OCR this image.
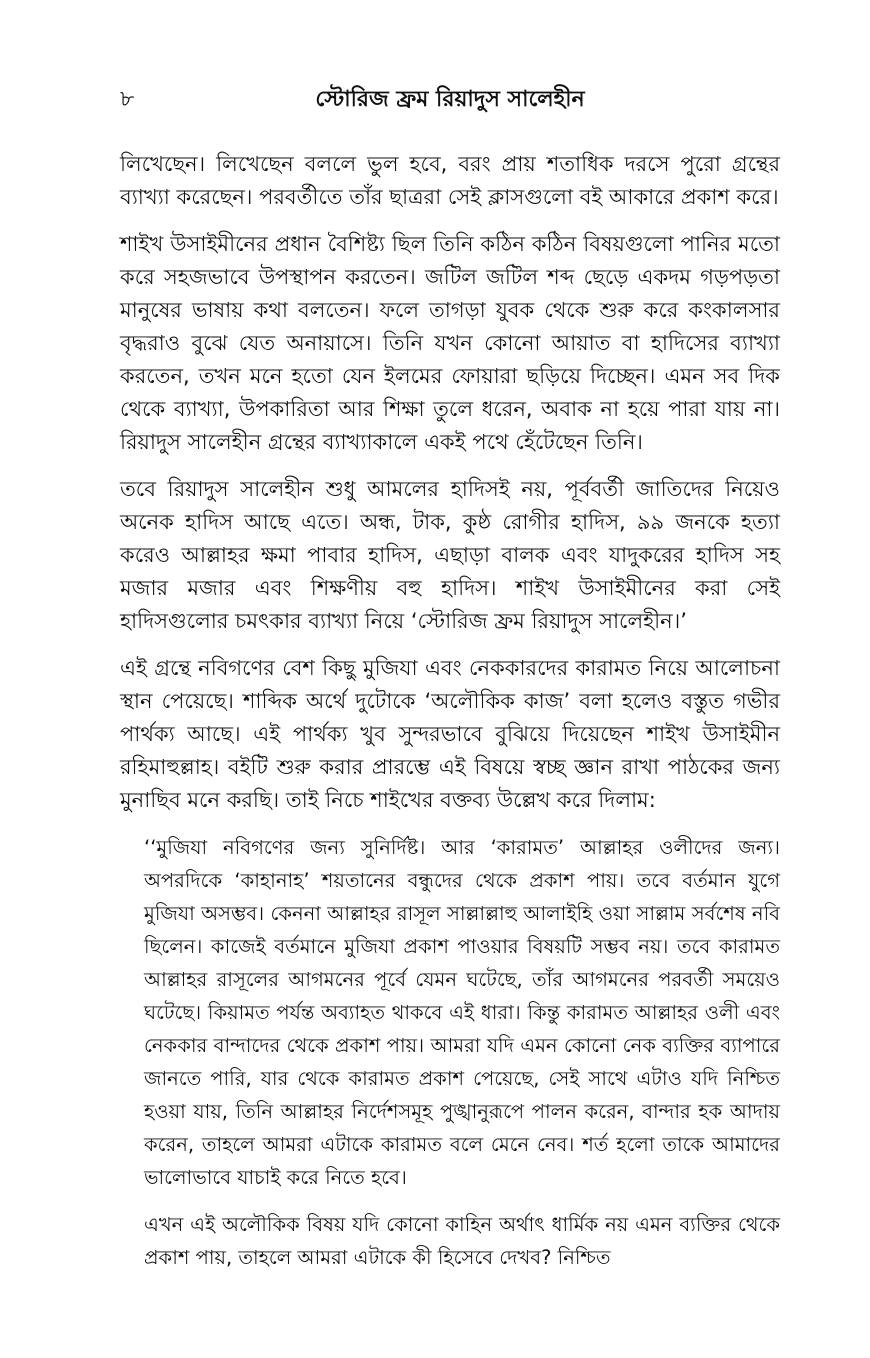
৮	স্টোরিজ ফ্রম রিয়াদুস সালেহীন

লিখেছেন। লিখেছেন বললে ভুল হবে, বরং প্রায় শতাধিক দরসে পুরো গ্রন্থের ব্যাখ্যা করেছেন। পরবর্তীতে তাঁর ছাত্ররা সেই ক্লাসগুলো বই আকারে প্রকাশ করে।

শাইখ উসাইমীনের প্রধান বৈশিষ্ট্য ছিল তিনি কঠিন কঠিন বিষয়গুলো পানির মতো করে সহজভাবে উপস্থাপন করতেন। জটিল জটিল শব্দ ছেড়ে একদম গড়পড়তা মানুষের ভাষায় কথা বলতেন। ফলে তাগড়া যুবক থেকে শুরু করে কংকালসার বৃদ্ধরাও বুঝে যেত অনায়াসে। তিনি যখন কোনো আয়াত বা হাদিসের ব্যাখ্যা করতেন, তখন মনে হতো যেন ইলমের ফোয়ারা ছড়িয়ে দিচ্ছেন। এমন সব দিক থেকে ব্যাখ্যা, উপকারিতা আর শিক্ষা তুলে ধরেন, অবাক না হয়ে পারা যায় না। রিয়াদুস সালেহীন গ্রন্থের ব্যাখ্যাকালে একই পথে হেঁটেছেন তিনি।

তবে রিয়াদুস সালেহীন শুধু আমলের হাদিসই নয়, পূর্ববর্তী জাতিদের নিয়েও অনেক হাদিস আছে এতে। অন্ধ, টাক, কুষ্ঠ রোগীর হাদিস, ৯৯ জনকে হত্যা করেও আল্লাহর ক্ষমা পাবার হাদিস, এছাড়া বালক এবং যাদুকরের হাদিস সহ মজার মজার এবং শিক্ষণীয় বহু হাদিস। শাইখ উসাইমীনের করা সেই হাদিসগুলোর চমৎকার ব্যাখ্যা নিয়ে ‘স্টোরিজ ফ্রম রিয়াদুস সালেহীন।’

এই গ্রন্থে নবিগণের বেশ কিছু মুজিযা এবং নেককারদের কারামত নিয়ে আলোচনা স্থান পেয়েছে। শাব্দিক অর্থে দুটোকে ‘অলৌকিক কাজ’ বলা হলেও বস্তুত গভীর পার্থক্য আছে। এই পার্থক্য খুব সুন্দরভাবে বুঝিয়ে দিয়েছেন শাইখ উসাইমীন রহিমাহুল্লাহ। বইটি শুরু করার প্রারম্ভে এই বিষয়ে স্বচ্ছ জ্ঞান রাখা পাঠকের জন্য মুনাছিব মনে করছি। তাই নিচে শাইখের বক্তব্য উল্লেখ করে দিলাম:

‘‘মুজিযা নবিগণের জন্য সুনির্দিষ্ট। আর ‘কারামত’ আল্লাহর ওলীদের জন্য। অপরদিকে ‘কাহানাহ’ শয়তানের বন্ধুদের থেকে প্রকাশ পায়। তবে বর্তমান যুগে মুজিযা অসম্ভব। কেননা আল্লাহর রাসূল সাল্লাল্লাহু আলাইহি ওয়া সাল্লাম সর্বশেষ নবি ছিলেন। কাজেই বর্তমানে মুজিযা প্রকাশ পাওয়ার বিষয়টি সম্ভব নয়। তবে কারামত আল্লাহর রাসূলের আগমনের পূর্বে যেমন ঘটেছে, তাঁর আগমনের পরবর্তী সময়েও ঘটেছে। কিয়ামত পর্যন্ত অব্যাহত থাকবে এই ধারা। কিন্তু কারামত আল্লাহর ওলী এবং নেককার বান্দাদের থেকে প্রকাশ পায়। আমরা যদি এমন কোনো নেক ব্যক্তির ব্যাপারে জানতে পারি, যার থেকে কারামত প্রকাশ পেয়েছে, সেই সাথে এটাও যদি নিশ্চিত হওয়া যায়, তিনি আল্লাহর নির্দেশসমূহ পুঙ্খানুরূপে পালন করেন, বান্দার হক আদায় করেন, তাহলে আমরা এটাকে কারামত বলে মেনে নেব। শর্ত হলো তাকে আমাদের ভালোভাবে যাচাই করে নিতে হবে।

এখন এই অলৌকিক বিষয় যদি কোনো কাহিন অর্থাৎ ধার্মিক নয় এমন ব্যক্তির থেকে প্রকাশ পায়, তাহলে আমরা এটাকে কী হিসেবে দেখব? নিশ্চিত
